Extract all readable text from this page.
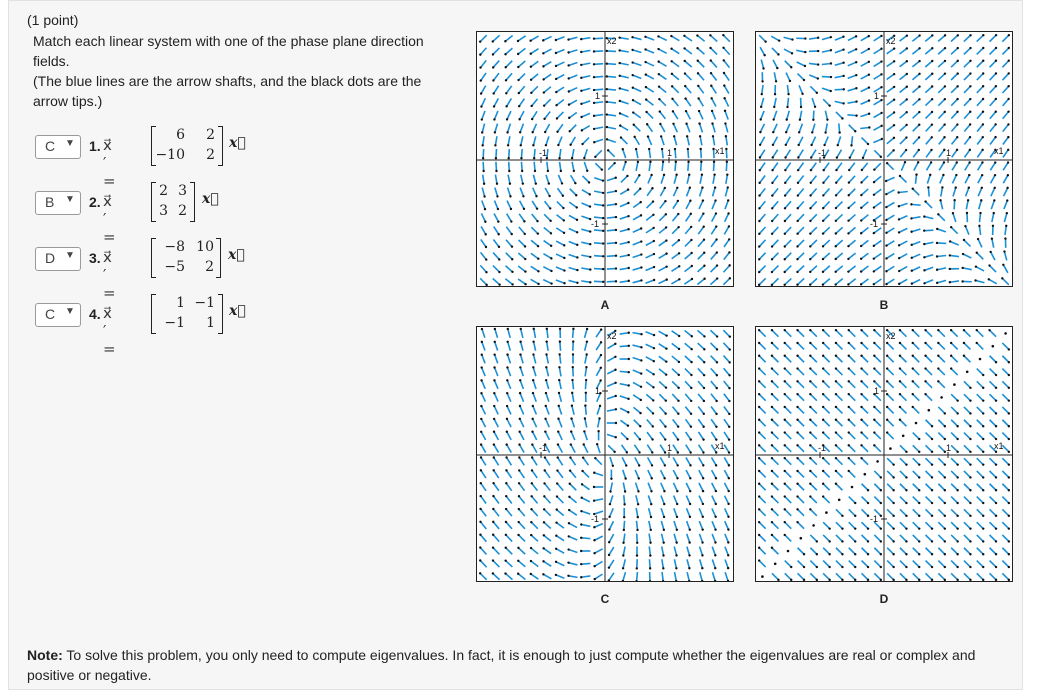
(1 point)
Match each linear system with one of the phase plane direction fields.
(The blue lines are the arrow shafts, and the black dots are the arrow tips.)
C ▼ 1. x⃗ ′ =
6 2
−10 2
x⃗
B ▼ 2. x⃗ ′ =
2 3
3 2
x⃗
D ▼ 3. x⃗ ′ =
−8 10
−5 2
x⃗
C ▼ 4. x⃗ ′ =
1 −1
−1 1
x⃗
-1	1
1
-1
x1
x2
A
-1	1
1
-1
x1
x2
B
-1	1
1
-1
x1
x2
C
-1	1
1
-1
x1
x2
D
Note: To solve this problem, you only need to compute eigenvalues. In fact, it is enough to just compute whether the eigenvalues are real or complex and positive or negative.
